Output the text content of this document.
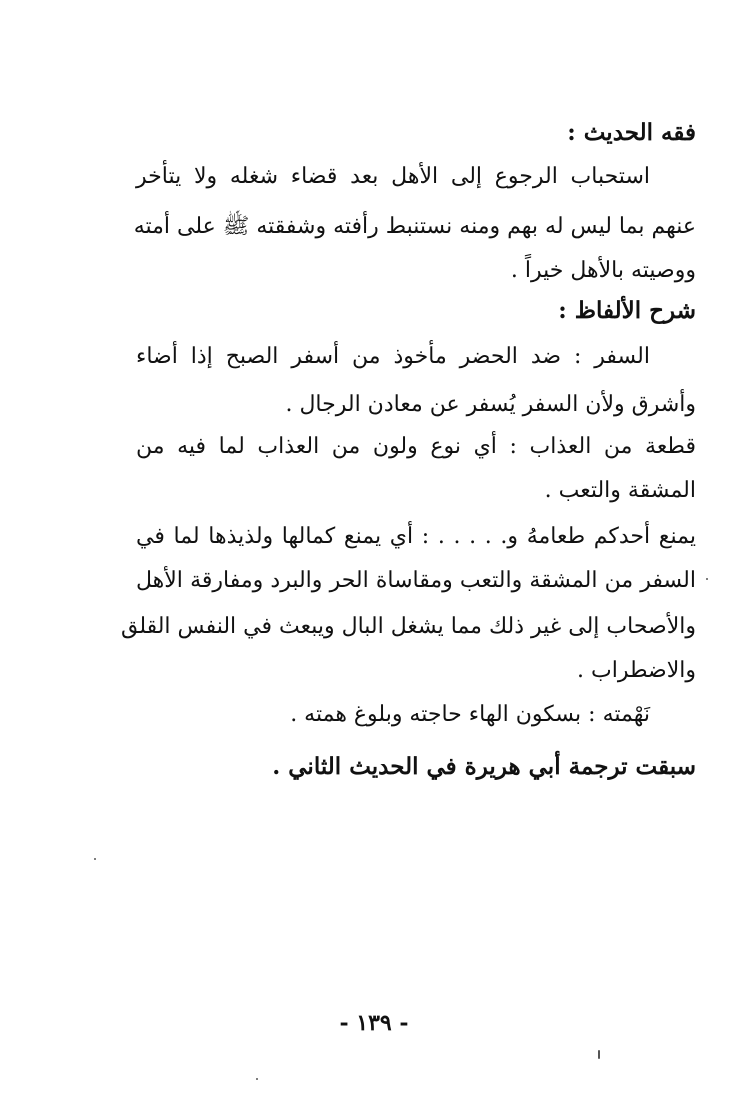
فقه الحديث :
استحباب الرجوع إلى الأهل بعد قضاء شغله ولا يتأخر
عنهم بما ليس له بهم ومنه نستنبط رأفته وشفقته ﷺ على أمته
ووصيته بالأهل خيراً .
شرح الألفاظ :
السفر : ضد الحضر مأخوذ من أسفر الصبح إذا أضاء
وأشرق ولأن السفر يُسفر عن معادن الرجال .
قطعة من العذاب : أي نوع ولون من العذاب لما فيه من
المشقة والتعب .
يمنع أحدكم طعامهُ و. . . . . : أي يمنع كمالها ولذيذها لما في
السفر من المشقة والتعب ومقاساة الحر والبرد ومفارقة الأهل
والأصحاب إلى غير ذلك مما يشغل البال ويبعث في النفس القلق
والاضطراب .
نَهْمته : بسكون الهاء حاجته وبلوغ همته .
سبقت ترجمة أبي هريرة في الحديث الثاني .
- ١٣٩ -
